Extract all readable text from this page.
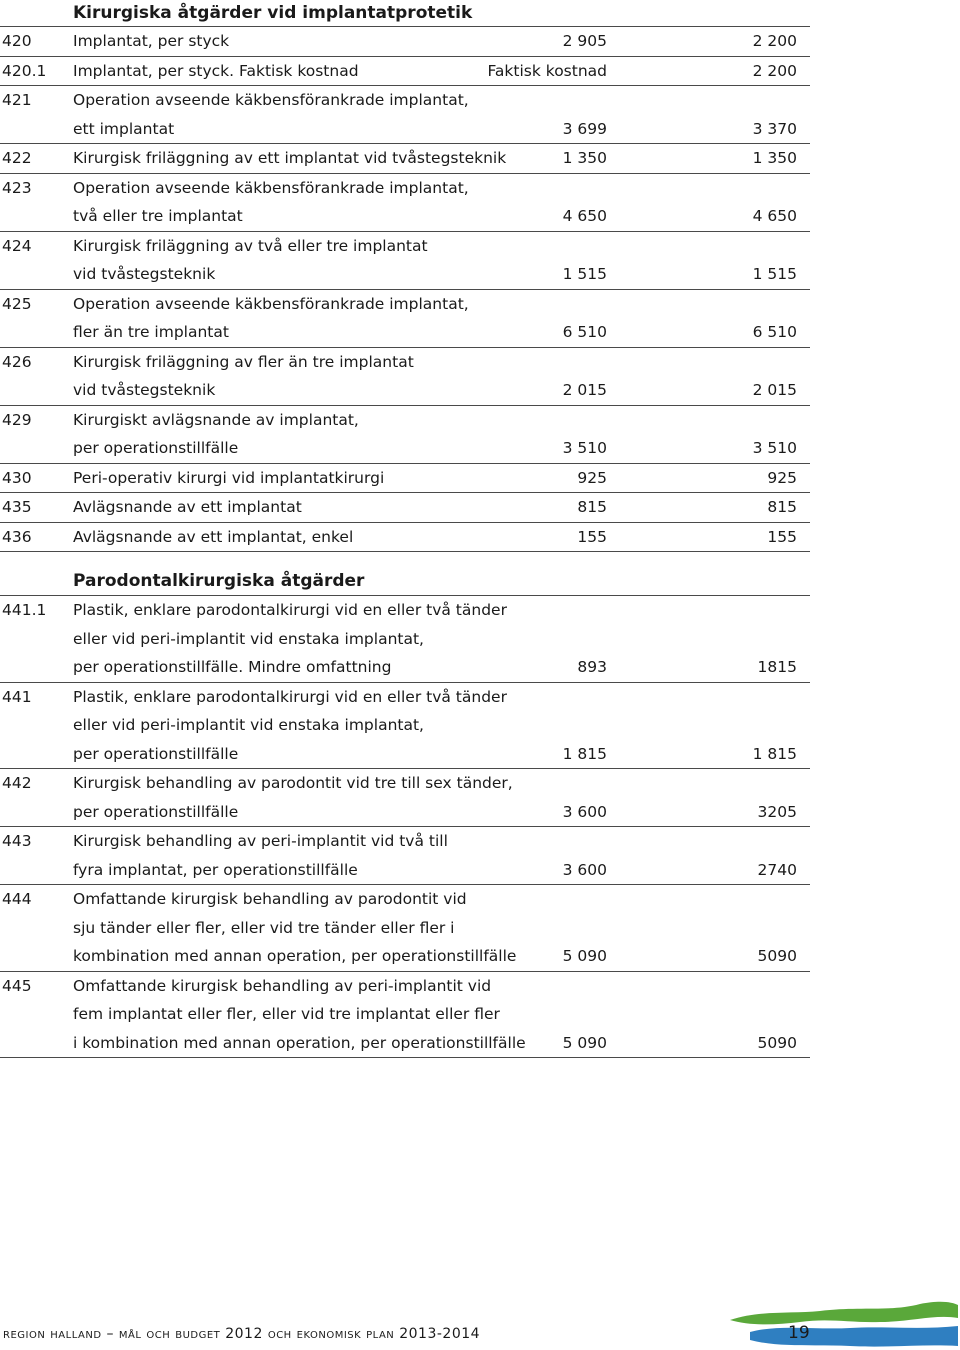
Kirurgiska åtgärder vid implantatprotetik
420	Implantat, per styck	2 905	2 200
420.1 Implantat, per styck. Faktisk kostnad	Faktisk kostnad	2 200
421	Operation avseende käkbensförankrade implantat,
ett implantat	3 699	3 370
422	Kirurgisk friläggning av ett implantat vid tvåstegsteknik	1 350	1 350
423	Operation avseende käkbensförankrade implantat,
två eller tre implantat	4 650	4 650
424	Kirurgisk friläggning av två eller tre implantat
vid tvåstegsteknik	1 515	1 515
425	Operation avseende käkbensförankrade implantat,
fler än tre implantat	6 510	6 510
426	Kirurgisk friläggning av fler än tre implantat
vid tvåstegsteknik	2 015	2 015
429	Kirurgiskt avlägsnande av implantat,
per operationstillfälle	3 510	3 510
430	Peri-operativ kirurgi vid implantatkirurgi	925	925
435	Avlägsnande av ett implantat	815	815
436	Avlägsnande av ett implantat, enkel	155	155
Parodontalkirurgiska åtgärder
441.1 Plastik, enklare parodontalkirurgi vid en eller två tänder
eller vid peri-implantit vid enstaka implantat,
per operationstillfälle. Mindre omfattning	893	1815
441	Plastik, enklare parodontalkirurgi vid en eller två tänder
eller vid peri-implantit vid enstaka implantat,
per operationstillfälle	1 815	1 815
442	Kirurgisk behandling av parodontit vid tre till sex tänder,
per operationstillfälle	3 600	3205
443	Kirurgisk behandling av peri-implantit vid två till
fyra implantat, per operationstillfälle	3 600	2740
444	Omfattande kirurgisk behandling av parodontit vid
sju tänder eller fler, eller vid tre tänder eller fler i
kombination med annan operation, per operationstillfälle	5 090	5090
445	Omfattande kirurgisk behandling av peri-implantit vid
fem implantat eller fler, eller vid tre implantat eller fler
i kombination med annan operation, per operationstillfälle 5 090	5090
region halland – mål och budget 2012 och ekonomisk plan 2013-2014	19
